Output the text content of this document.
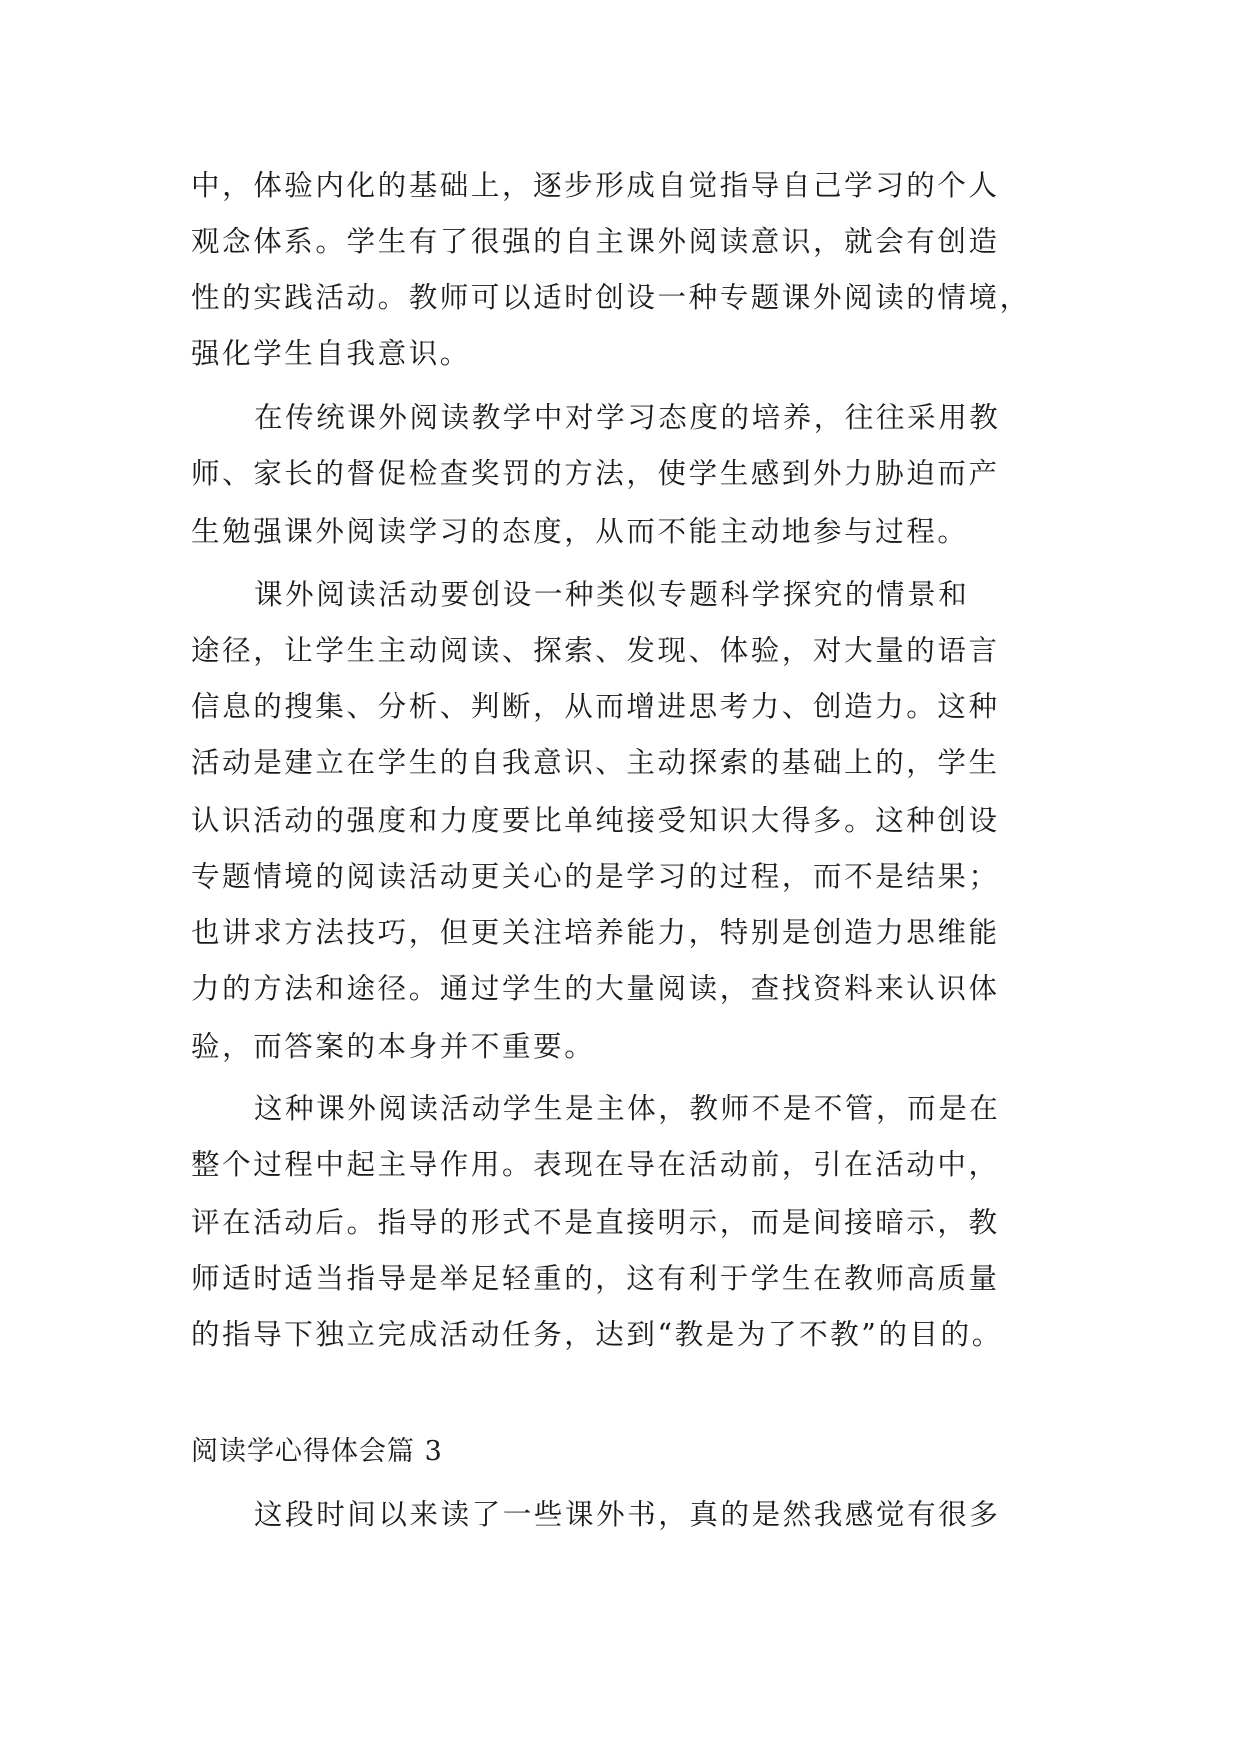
中，体验内化的基础上，逐步形成自觉指导自己学习的个人
观念体系。学生有了很强的自主课外阅读意识，就会有创造
性的实践活动。教师可以适时创设一种专题课外阅读的情境，
强化学生自我意识。
在传统课外阅读教学中对学习态度的培养，往往采用教
师、家长的督促检查奖罚的方法，使学生感到外力胁迫而产
生勉强课外阅读学习的态度，从而不能主动地参与过程。
课外阅读活动要创设一种类似专题科学探究的情景和
途径，让学生主动阅读、探索、发现、体验，对大量的语言
信息的搜集、分析、判断，从而增进思考力、创造力。这种
活动是建立在学生的自我意识、主动探索的基础上的，学生
认识活动的强度和力度要比单纯接受知识大得多。这种创设
专题情境的阅读活动更关心的是学习的过程，而不是结果；
也讲求方法技巧，但更关注培养能力，特别是创造力思维能
力的方法和途径。通过学生的大量阅读，查找资料来认识体
验，而答案的本身并不重要。
这种课外阅读活动学生是主体，教师不是不管，而是在
整个过程中起主导作用。表现在导在活动前，引在活动中，
评在活动后。指导的形式不是直接明示，而是间接暗示，教
师适时适当指导是举足轻重的，这有利于学生在教师高质量
的指导下独立完成活动任务，达到“教是为了不教”的目的。
阅读学心得体会篇 3
这段时间以来读了一些课外书，真的是然我感觉有很多
